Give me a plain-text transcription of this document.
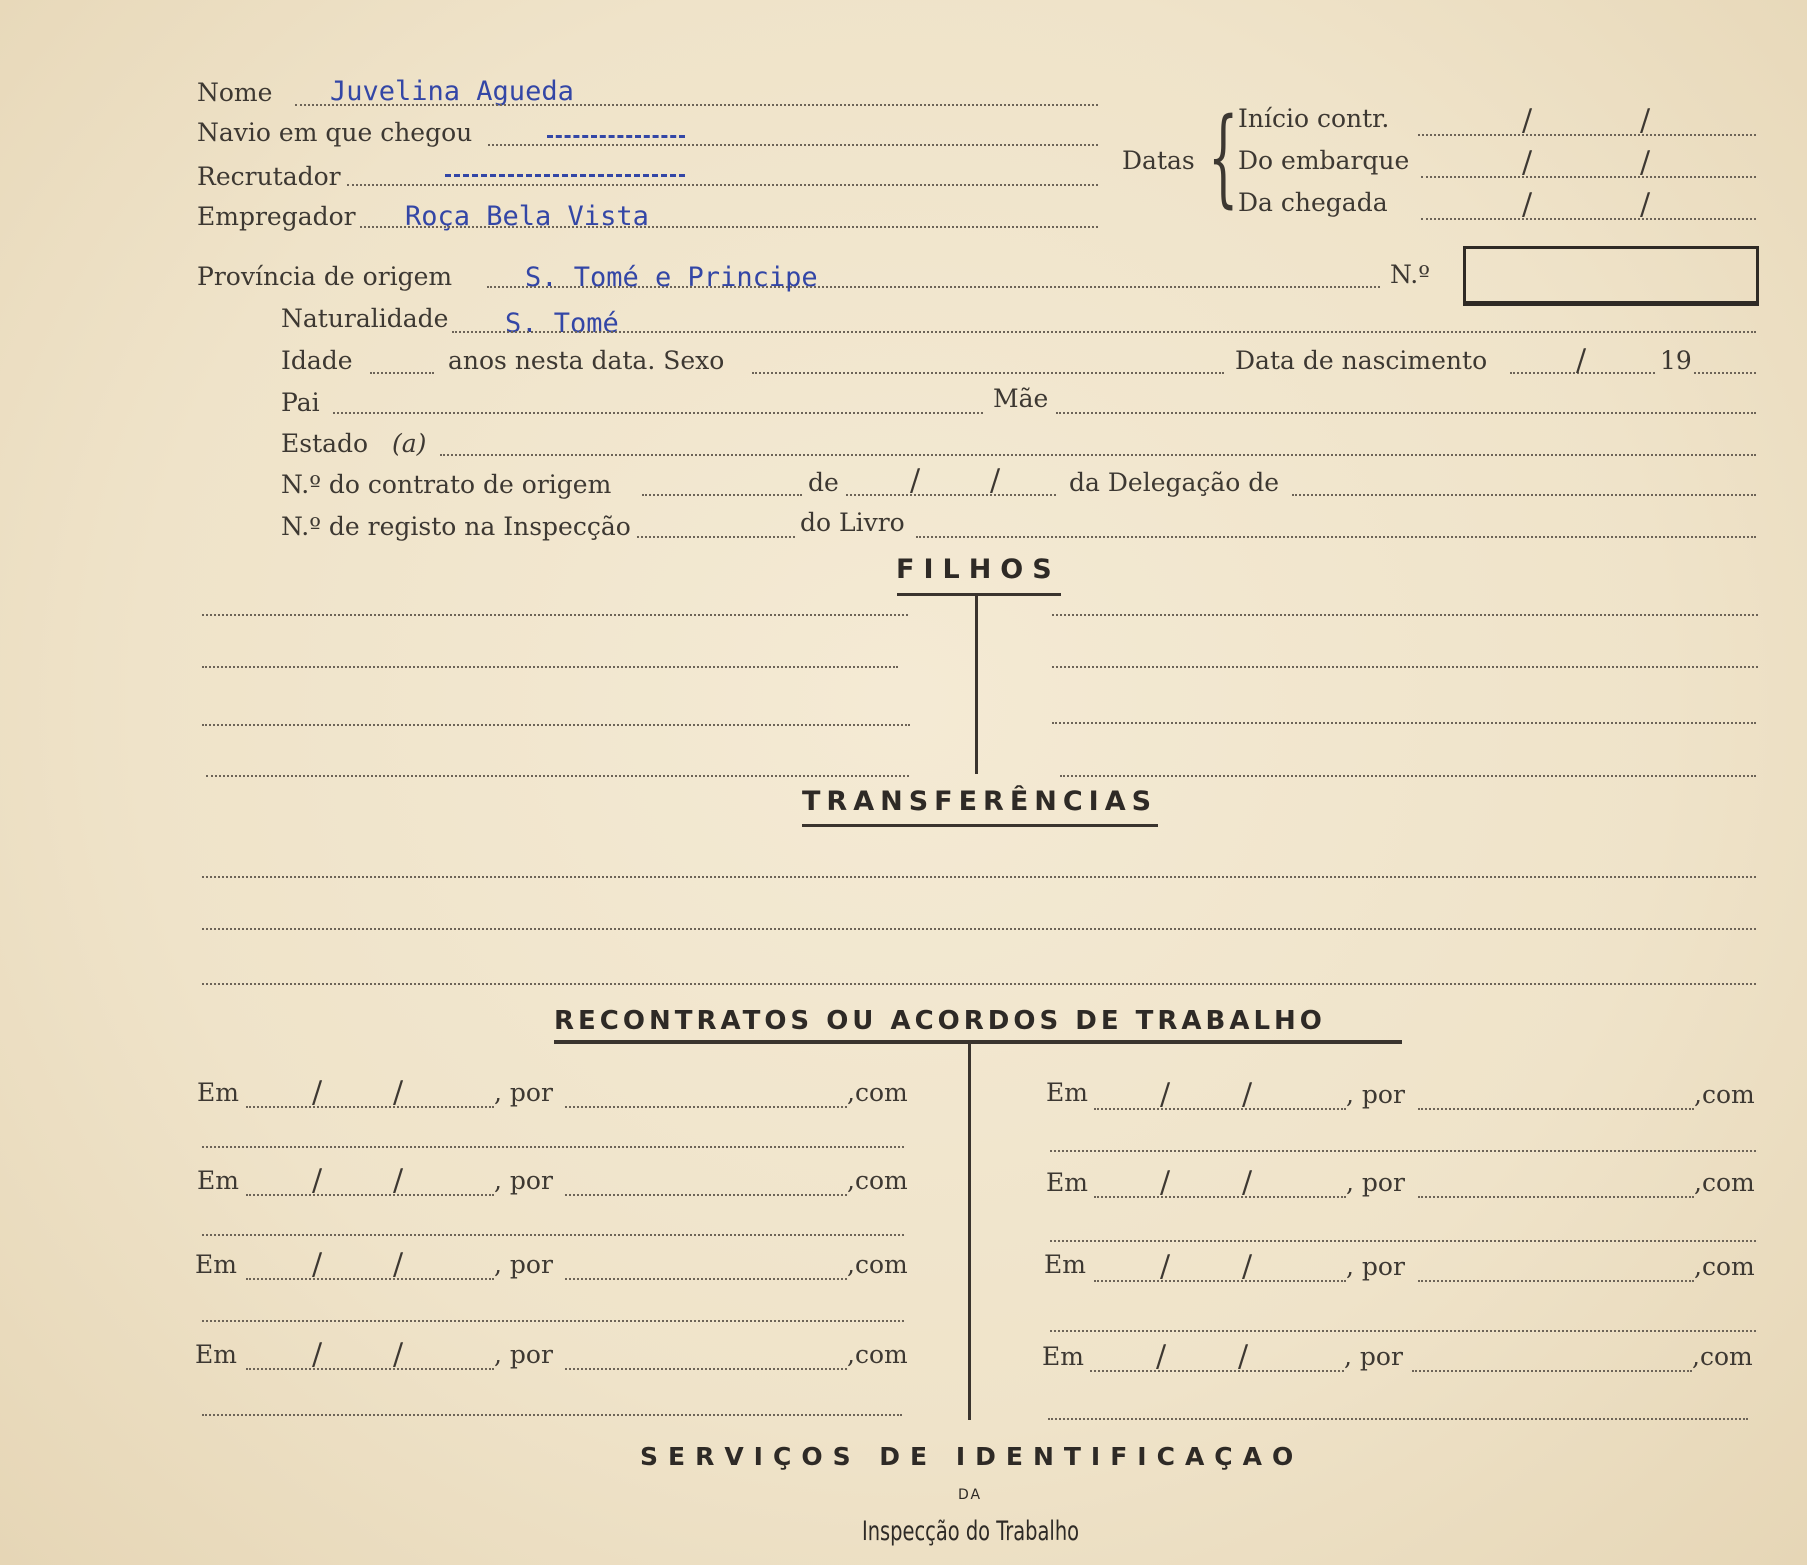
Nome Juvelina Agueda
Navio em que chegou
Recrutador
Empregador Roça Bela Vista
Datas { Início contr.	/	/
Do embarque	/	/
Da chegada	/	/
Província de origem	S. Tomé e Principe	N.º
Naturalidade S. Tomé
Idade	anos nesta data. Sexo	Data de nascimento	/	19
Pai	Mãe
Estado (a)
N.º do contrato de origem	de / /	da Delegação de
N.º de registo na Inspecção	do Livro
FILHOS
TRANSFERÊNCIAS
RECONTRATOS OU ACORDOS DE TRABALHO
Em / /	, por	,com
Em / /	, por	,com
Em	/ /	, por	,com
Em	/ /	, por	,com
Em / /	, por	,com
Em / /	, por	,com
Em / /	, por	,com
Em / /	, por	,com
SERVIÇOS DE IDENTIFICAÇAO
DA
Inspecção do Trabalho
